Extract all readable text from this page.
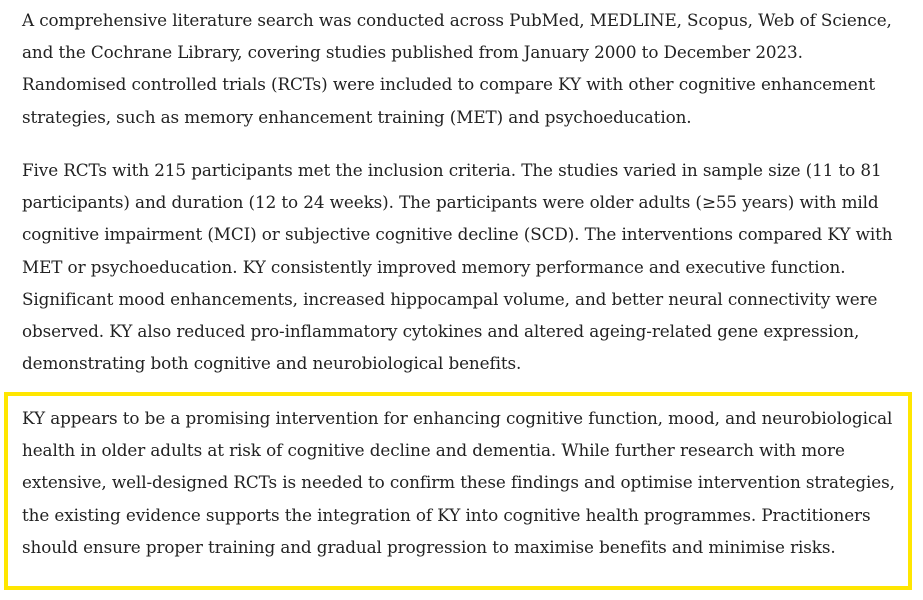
A comprehensive literature search was conducted across PubMed, MEDLINE, Scopus, Web of Science, and the Cochrane Library, covering studies published from January 2000 to December 2023. Randomised controlled trials (RCTs) were included to compare KY with other cognitive enhancement strategies, such as memory enhancement training (MET) and psychoeducation.

Five RCTs with 215 participants met the inclusion criteria. The studies varied in sample size (11 to 81 participants) and duration (12 to 24 weeks). The participants were older adults (≥55 years) with mild cognitive impairment (MCI) or subjective cognitive decline (SCD). The interventions compared KY with MET or psychoeducation. KY consistently improved memory performance and executive function. Significant mood enhancements, increased hippocampal volume, and better neural connectivity were observed. KY also reduced pro-inflammatory cytokines and altered ageing-related gene expression, demonstrating both cognitive and neurobiological benefits.

KY appears to be a promising intervention for enhancing cognitive function, mood, and neurobiological health in older adults at risk of cognitive decline and dementia. While further research with more extensive, well-designed RCTs is needed to confirm these findings and optimise intervention strategies, the existing evidence supports the integration of KY into cognitive health programmes. Practitioners should ensure proper training and gradual progression to maximise benefits and minimise risks.
